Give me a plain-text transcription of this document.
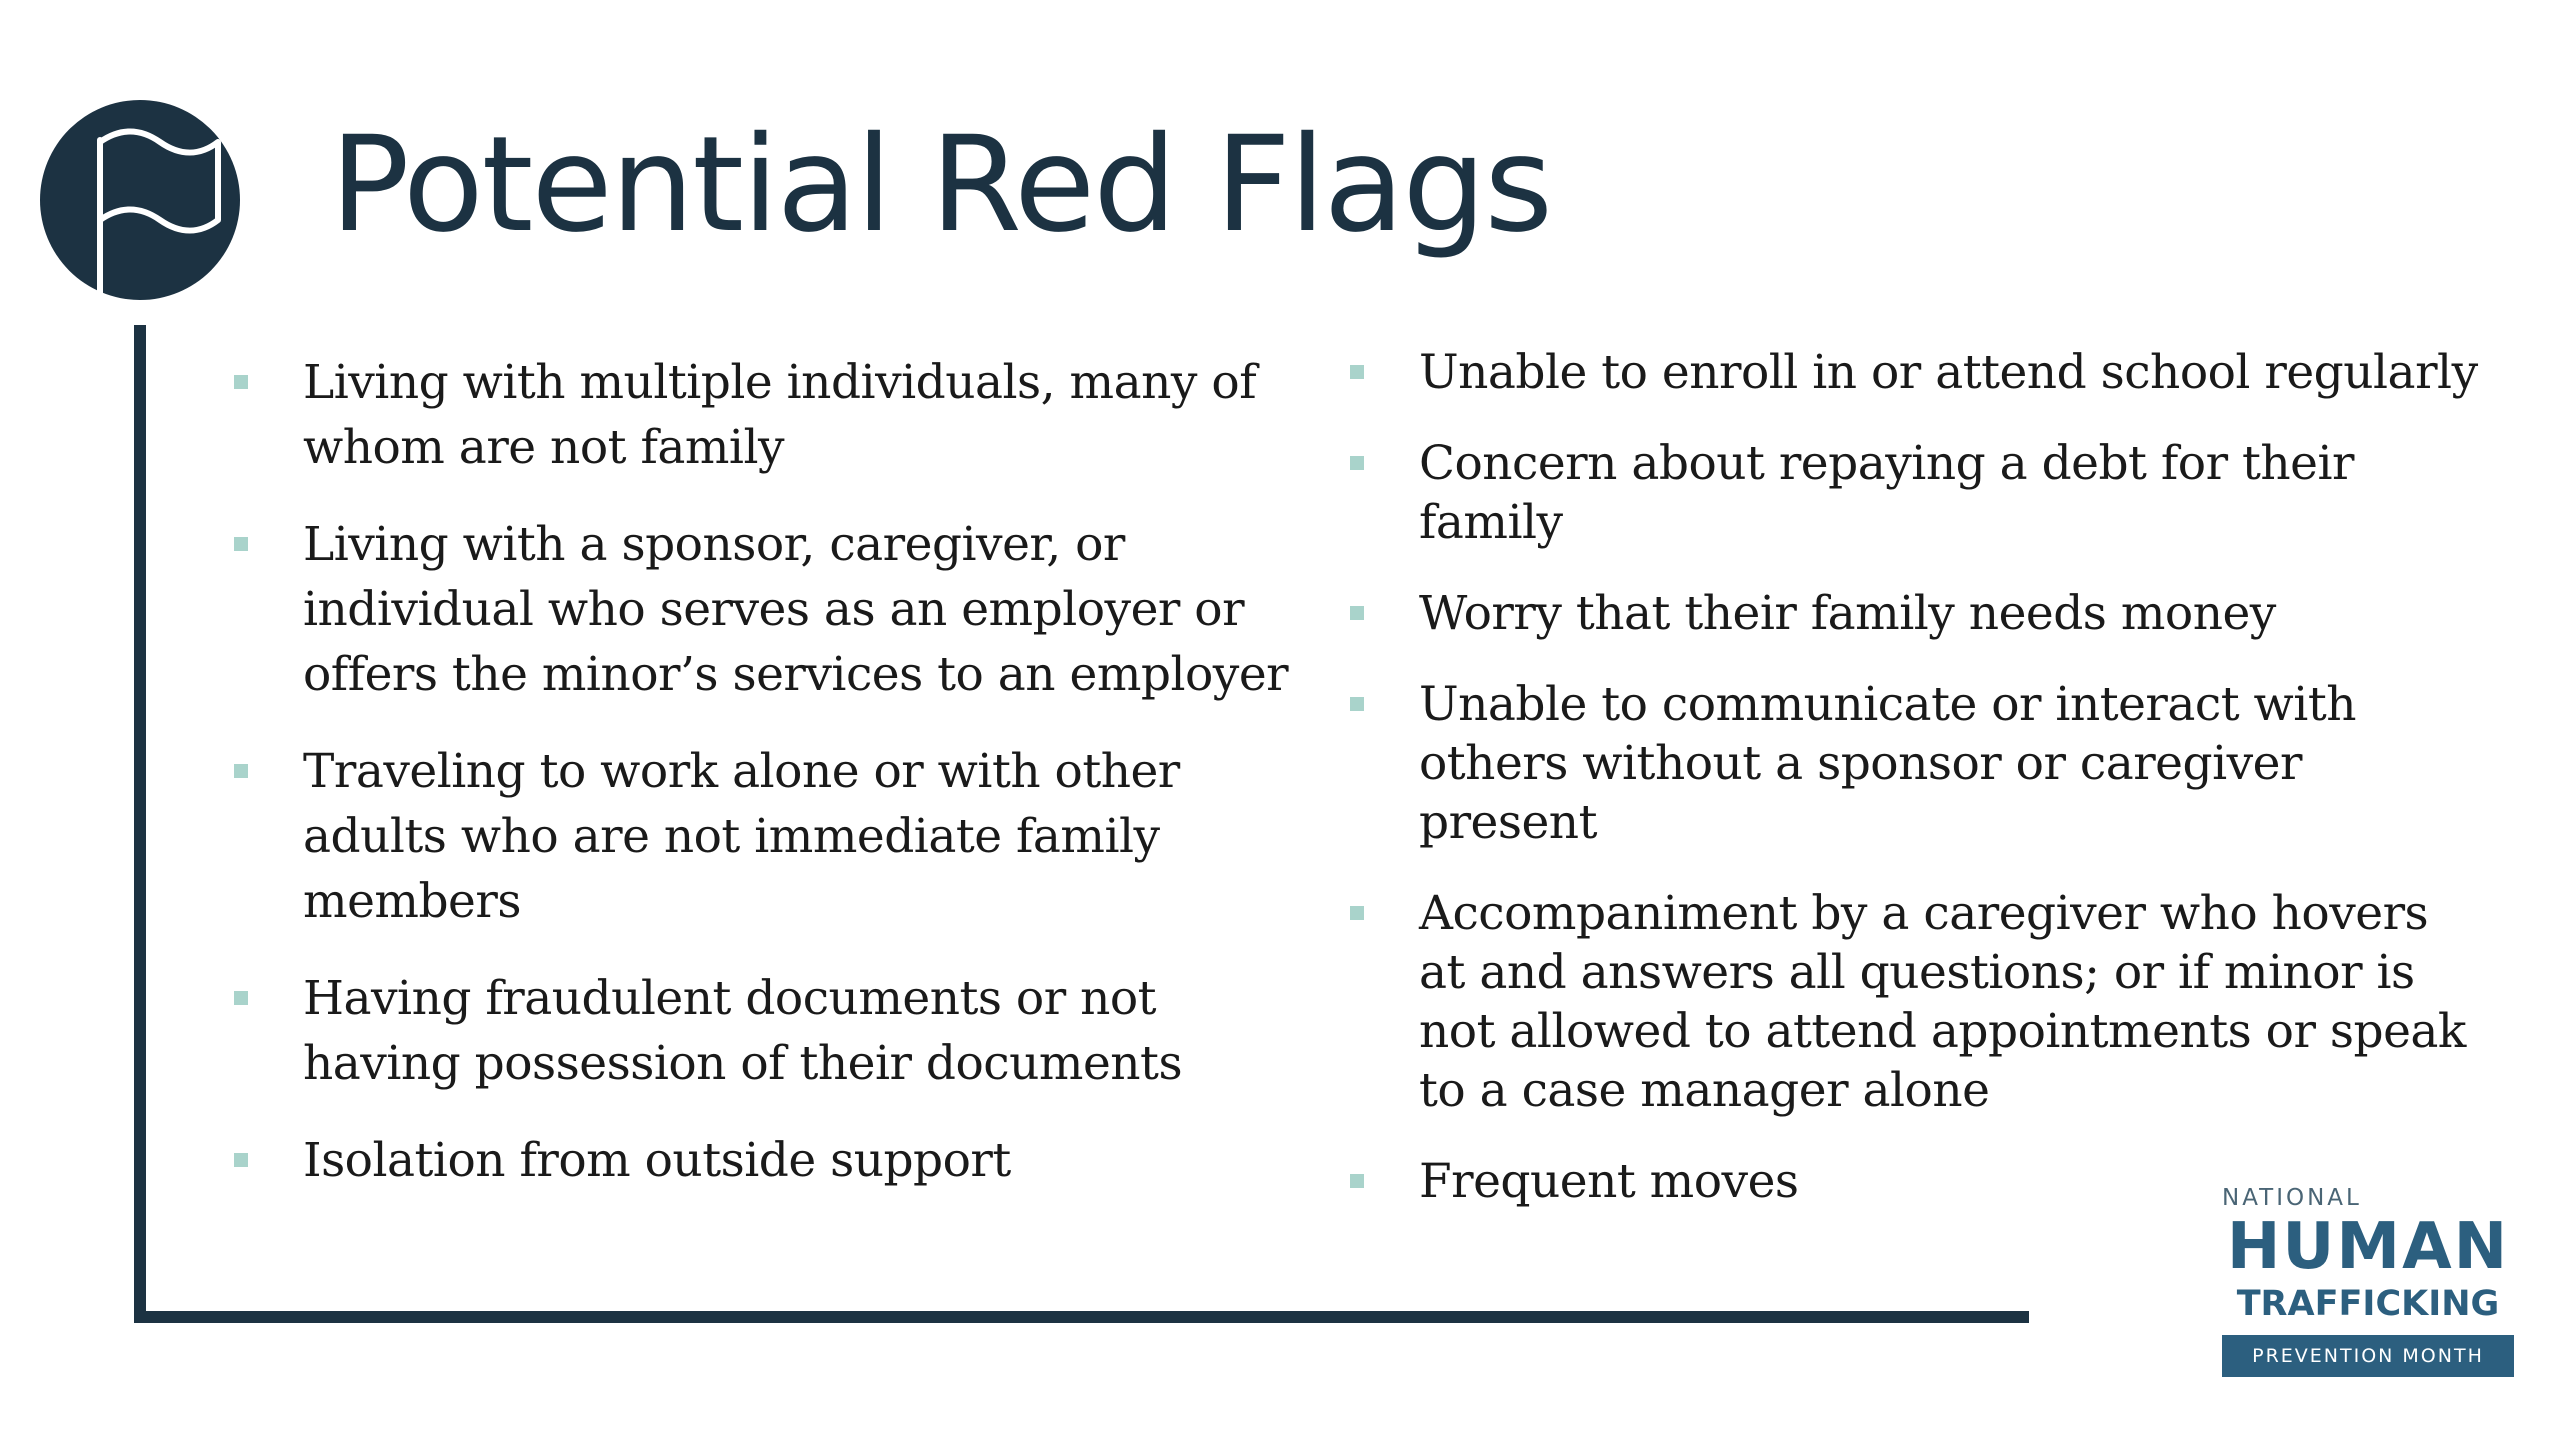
Potential Red Flags
Living with multiple individuals, many of whom are not family
Living with a sponsor, caregiver, or individual who serves as an employer or offers the minor’s services to an employer
Traveling to work alone or with other adults who are not immediate family members
Having fraudulent documents or not having possession of their documents
Isolation from outside support
Unable to enroll in or attend school regularly
Concern about repaying a debt for their family
Worry that their family needs money
Unable to communicate or interact with others without a sponsor or caregiver present
Accompaniment by a caregiver who hovers at and answers all questions; or if minor is not allowed to attend appointments or speak to a case manager alone
Frequent moves	NATIONAL
HUMAN
TRAFFICKING
PREVENTION MONTH
